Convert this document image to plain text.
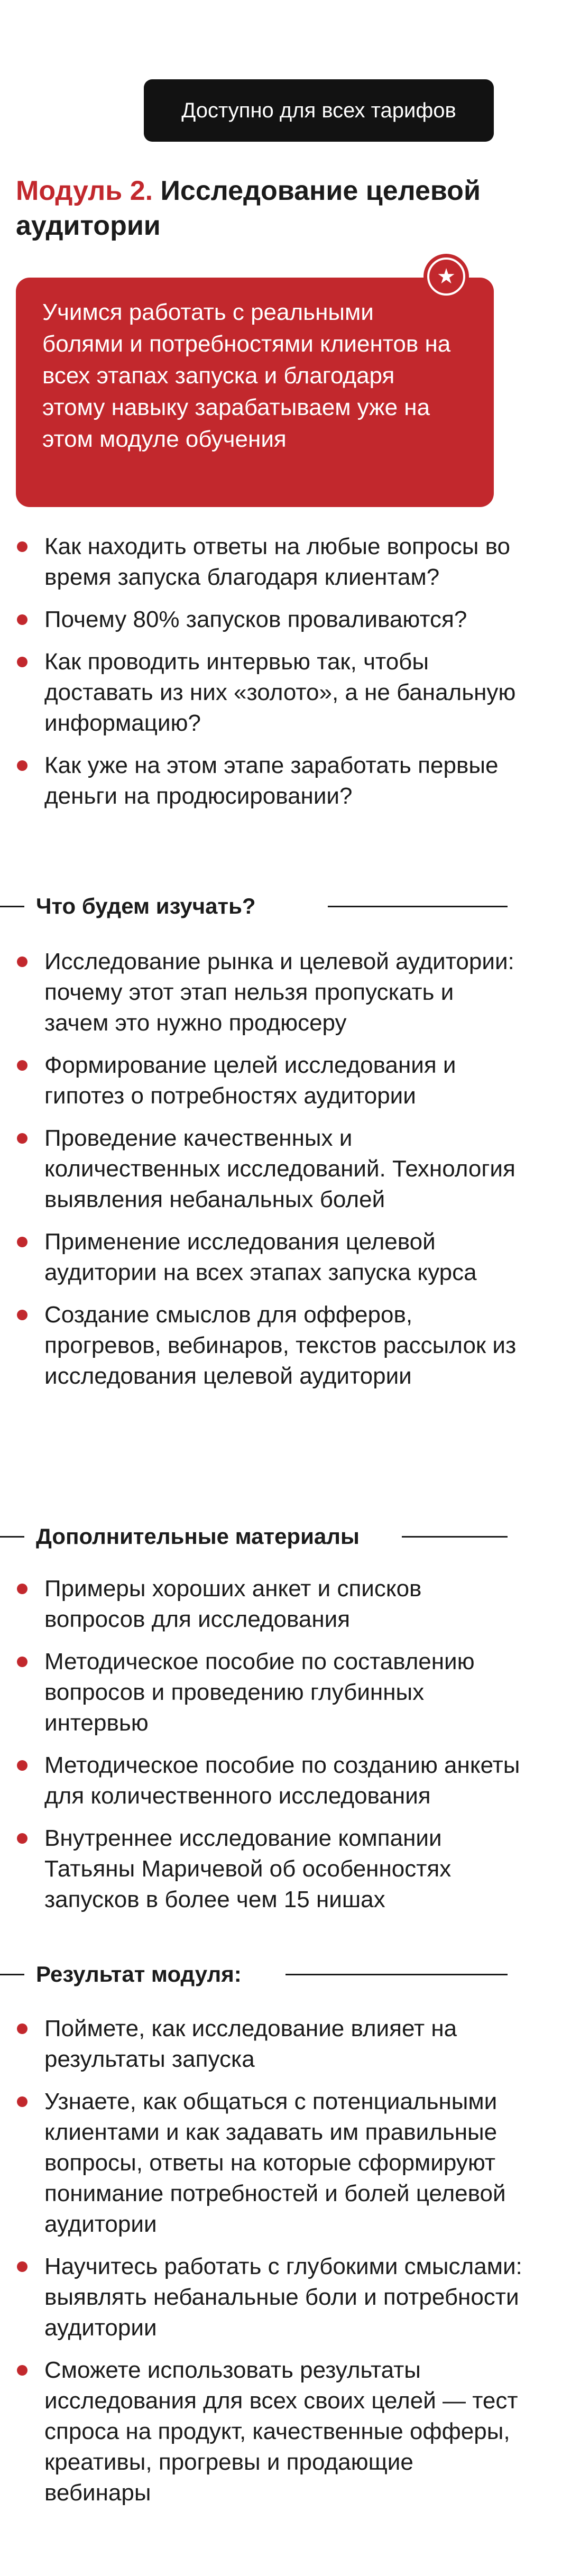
Доступно для всех тарифов
Модуль 2. Исследование целевой аудитории

Учимся работать с реальными болями и потребностями клиентов на всех этапах запуска и благодаря этому навыку зарабатываем уже на этом модуле обучения

★
Как находить ответы на любые вопросы во время запуска благодаря клиентам?
Почему 80% запусков проваливаются?
Как проводить интервью так, чтобы доставать из них «золото», а не банальную информацию?
Как уже на этом этапе заработать первые деньги на продюсировании?
Что будем изучать?
Исследование рынка и целевой аудитории: почему этот этап нельзя пропускать и зачем это нужно продюсеру
Формирование целей исследования и гипотез о потребностях аудитории
Проведение качественных и количественных исследований. Технология выявления небанальных болей
Применение исследования целевой аудитории на всех этапах запуска курса
Создание смыслов для офферов, прогревов, вебинаров, текстов рассылок из исследования целевой аудитории
Дополнительные материалы
Примеры хороших анкет и списков вопросов для исследования
Методическое пособие по составлению вопросов и проведению глубинных интервью
Методическое пособие по созданию анкеты для количественного исследования
Внутреннее исследование компании Татьяны Маричевой об особенностях запусков в более чем 15 нишах
Результат модуля:
Поймете, как исследование влияет на результаты запуска
Узнаете, как общаться с потенциальными клиентами и как задавать им правильные вопросы, ответы на которые сформируют понимание потребностей и болей целевой аудитории
Научитесь работать с глубокими смыслами: выявлять небанальные боли и потребности аудитории
Сможете использовать результаты исследования для всех своих целей — тест спроса на продукт, качественные офферы, креативы, прогревы и продающие вебинары
